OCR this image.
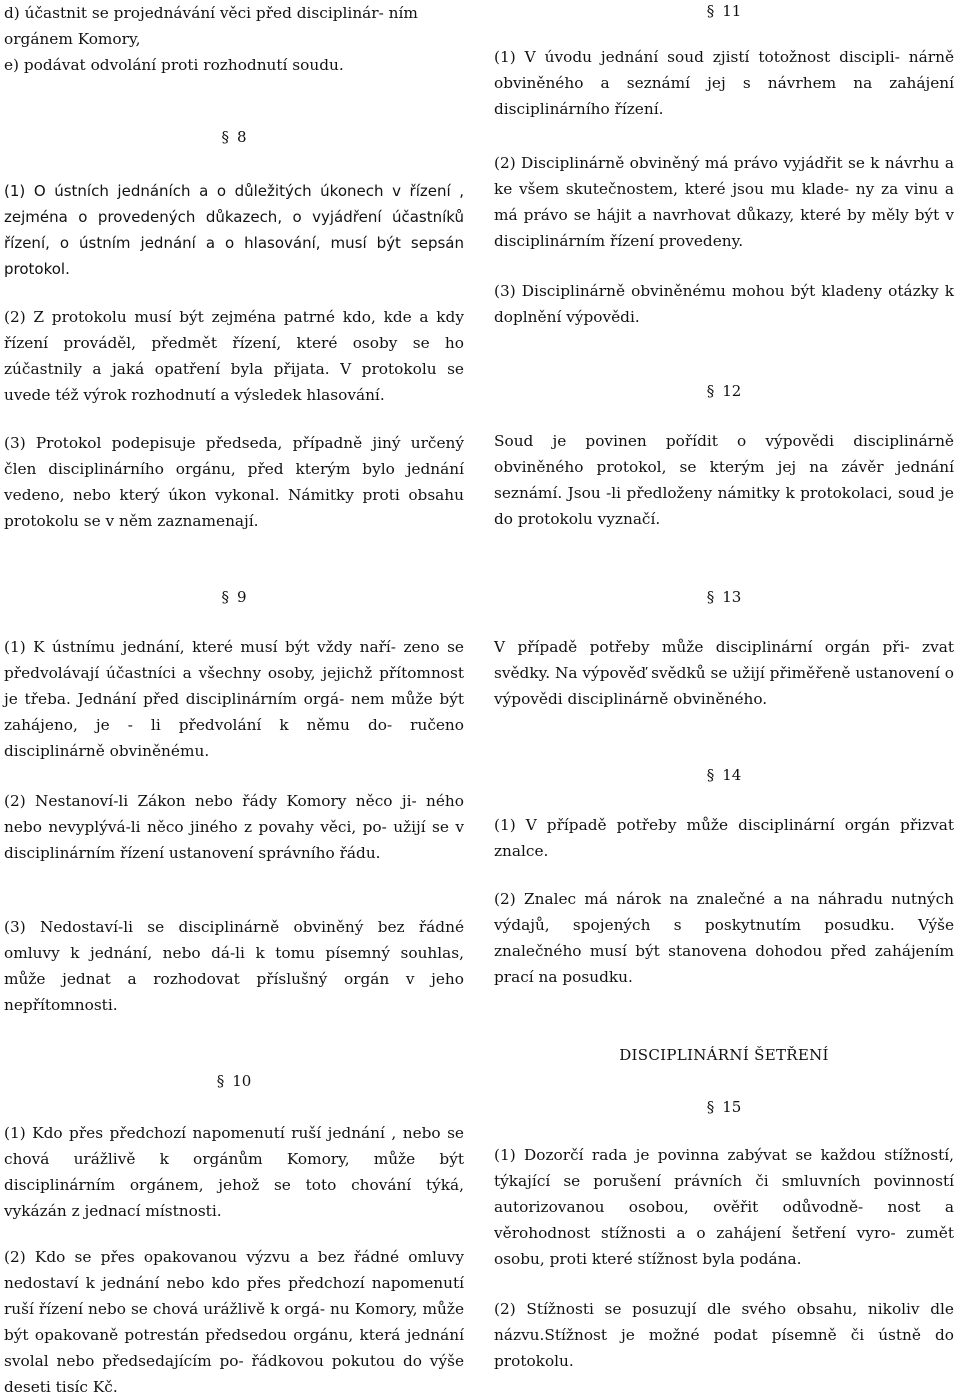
d) účastnit se projednávání věci před disciplinár- ním orgánem Komory,

e) podávat odvolání proti rozhodnutí soudu.

§ 8

(1) O ústních jednáních a o důležitých úkonech v řízení , zejména o provedených důkazech, o vyjádření účastníků řízení, o ústním jednání a o hlasování, musí být sepsán protokol.

(2) Z protokolu musí být zejména patrné kdo, kde a kdy řízení prováděl, předmět řízení, které osoby se ho zúčastnily a jaká opatření byla přijata. V protokolu se uvede též výrok rozhodnutí a výsledek hlasování.

(3) Protokol podepisuje předseda, případně jiný určený člen disciplinárního orgánu, před kterým bylo jednání vedeno, nebo který úkon vykonal. Námitky proti obsahu protokolu se v něm zaznamenají.

§ 9

(1) K ústnímu jednání, které musí být vždy naří- zeno se předvolávají účastníci a všechny osoby, jejichž přítomnost je třeba. Jednání před disciplinárním orgá- nem může být zahájeno, je - li předvolání k němu do- ručeno disciplinárně obviněnému.

(2) Nestanoví-li Zákon nebo řády Komory něco ji- ného nebo nevyplývá-li něco jiného z povahy věci, po- užijí se v disciplinárním řízení ustanovení správního řádu.

(3) Nedostaví-li se disciplinárně obviněný bez řádné omluvy k jednání, nebo dá-li k tomu písemný souhlas, může jednat a rozhodovat příslušný orgán v jeho nepřítomnosti.

§ 10

(1) Kdo přes předchozí napomenutí ruší jednání , nebo se chová urážlivě k orgánům Komory, může být disciplinárním orgánem, jehož se toto chování týká, vykázán z jednací místnosti.

(2) Kdo se přes opakovanou výzvu a bez řádné omluvy nedostaví k jednání nebo kdo přes předchozí napomenutí ruší řízení nebo se chová urážlivě k orgá- nu Komory, může být opakovaně potrestán předsedou orgánu, která jednání svolal nebo předsedajícím po- řádkovou pokutou do výše deseti tisíc Kč.

§ 11

(1) V úvodu jednání soud zjistí totožnost discipli- nárně obviněného a seznámí jej s návrhem na zahájení disciplinárního řízení.

(2) Disciplinárně obviněný má právo vyjádřit se k návrhu a ke všem skutečnostem, které jsou mu klade- ny za vinu a má právo se hájit a navrhovat důkazy, které by měly být v disciplinárním řízení provedeny.

(3) Disciplinárně obviněnému mohou být kladeny otázky k doplnění výpovědi.

§ 12

Soud je povinen pořídit o výpovědi disciplinárně obviněného protokol, se kterým jej na závěr jednání seznámí. Jsou -li předloženy námitky k protokolaci, soud je do protokolu vyznačí.

§ 13

V případě potřeby může disciplinární orgán při- zvat svědky. Na výpověď svědků se užijí přiměřeně ustanovení o výpovědi disciplinárně obviněného.

§ 14

(1) V případě potřeby může disciplinární orgán přizvat znalce.

(2) Znalec má nárok na znalečné a na náhradu nutných výdajů, spojených s poskytnutím posudku. Výše znalečného musí být stanovena dohodou před zahájením prací na posudku.

DISCIPLINÁRNÍ ŠETŘENÍ
§ 15

(1) Dozorčí rada je povinna zabývat se každou stížností, týkající se porušení právních či smluvních povinností autorizovanou osobou, ověřit odůvodně- nost a věrohodnost stížnosti a o zahájení šetření vyro- zumět osobu, proti které stížnost byla podána.

(2) Stížnosti se posuzují dle svého obsahu, nikoliv dle názvu.Stížnost je možné podat písemně či ústně do protokolu.
